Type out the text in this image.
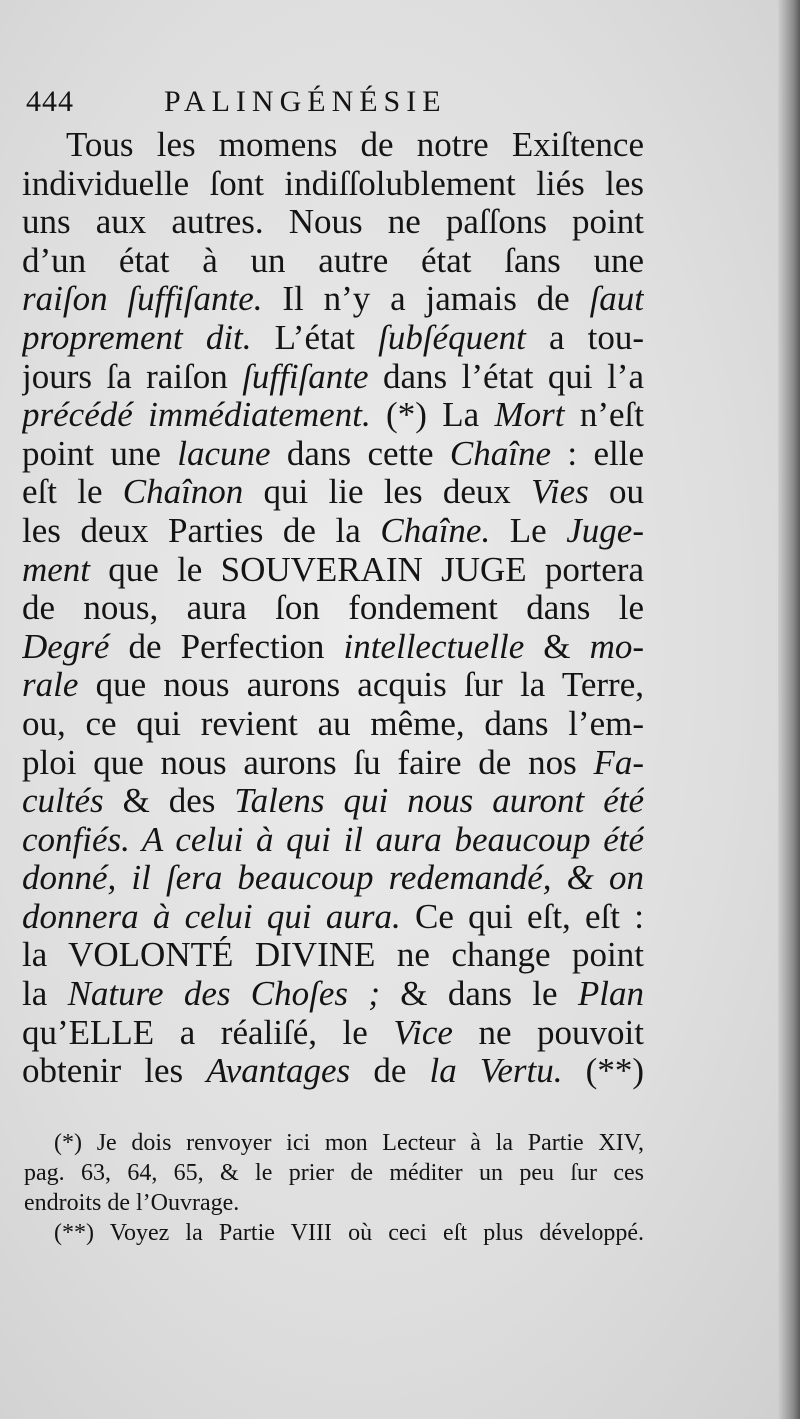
444	PALINGÉNÉSIE
Tous les momens de notre Exiſtence
individuelle ſont indiſſolublement liés les
uns aux autres. Nous ne paſſons point
d’un état à un autre état ſans une
raiſon ſuffiſante. Il n’y a jamais de ſaut
proprement dit. L’état ſubſéquent a tou-
jours ſa raiſon ſuffiſante dans l’état qui l’a
précédé immédiatement. (*) La Mort n’eſt
point une lacune dans cette Chaîne : elle
eſt le Chaînon qui lie les deux Vies ou
les deux Parties de la Chaîne. Le Juge-
ment que le SOUVERAIN JUGE portera
de nous, aura ſon fondement dans le
Degré de Perfection intellectuelle & mo-
rale que nous aurons acquis ſur la Terre,
ou, ce qui revient au même, dans l’em-
ploi que nous aurons ſu faire de nos Fa-
cultés & des Talens qui nous auront été
confiés. A celui à qui il aura beaucoup été
donné, il ſera beaucoup redemandé, & on
donnera à celui qui aura. Ce qui eſt, eſt :
la VOLONTÉ DIVINE ne change point
la Nature des Choſes ; & dans le Plan
qu’ELLE a réaliſé, le Vice ne pouvoit
obtenir les Avantages de la Vertu. (**)
(*) Je dois renvoyer ici mon Lecteur à la Partie XIV,
pag. 63, 64, 65, & le prier de méditer un peu ſur ces
endroits de l’Ouvrage.
(**) Voyez la Partie VIII où ceci eſt plus développé.
